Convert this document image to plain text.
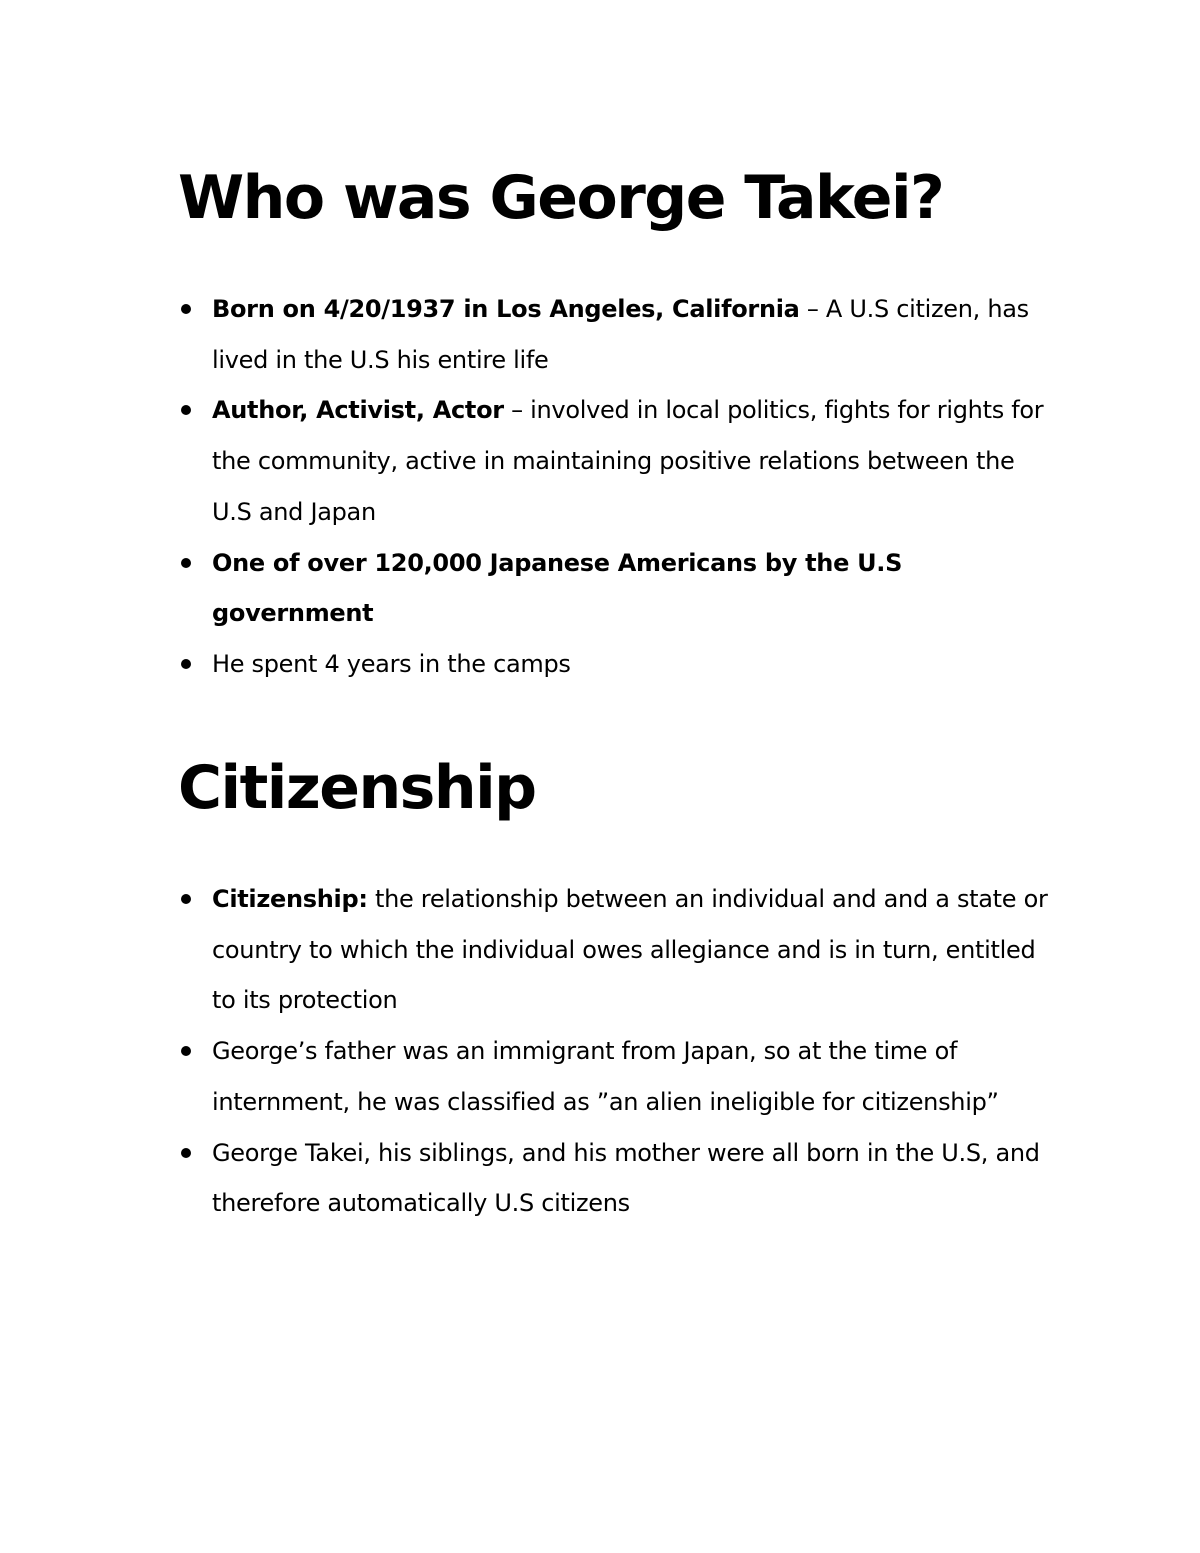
Who was George Takei?
Born on 4/20/1937 in Los Angeles, California – A U.S citizen, has lived in the U.S his entire life
Author, Activist, Actor – involved in local politics, fights for rights for the community, active in maintaining positive relations between the U.S and Japan
One of over 120,000 Japanese Americans by the U.S government
He spent 4 years in the camps
Citizenship
Citizenship: the relationship between an individual and and a state or country to which the individual owes allegiance and is in turn, entitled to its protection
George’s father was an immigrant from Japan, so at the time of internment, he was classified as ”an alien ineligible for citizenship”
George Takei, his siblings, and his mother were all born in the U.S, and therefore automatically U.S citizens
